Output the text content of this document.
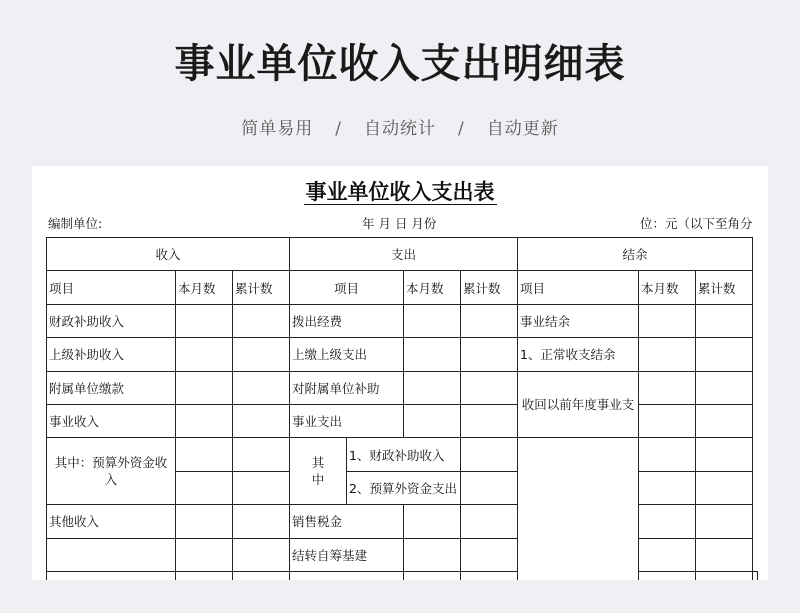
事业单位收入支出明细表
简单易用 / 自动统计 / 自动更新
事业单位收入支出表
编制单位:	年 月 日 月份	位：元（以下至角分
收入			支出				结余			
项目	本月数	累计数	项目		本月数	累计数	项目	本月数	累计数	
财政补助收入			拨出经费				事业结余			
上级补助收入			上缴上级支出				1、正常收支结余			
附属单位缴款			对附属单位补助				收回以前年度事业支			
事业收入			事业支出							
其中：预算外资金收入			其中	1、财政补助收入						
				2、预算外资金支出						
其他收入			销售税金							
			结转自筹基建							
